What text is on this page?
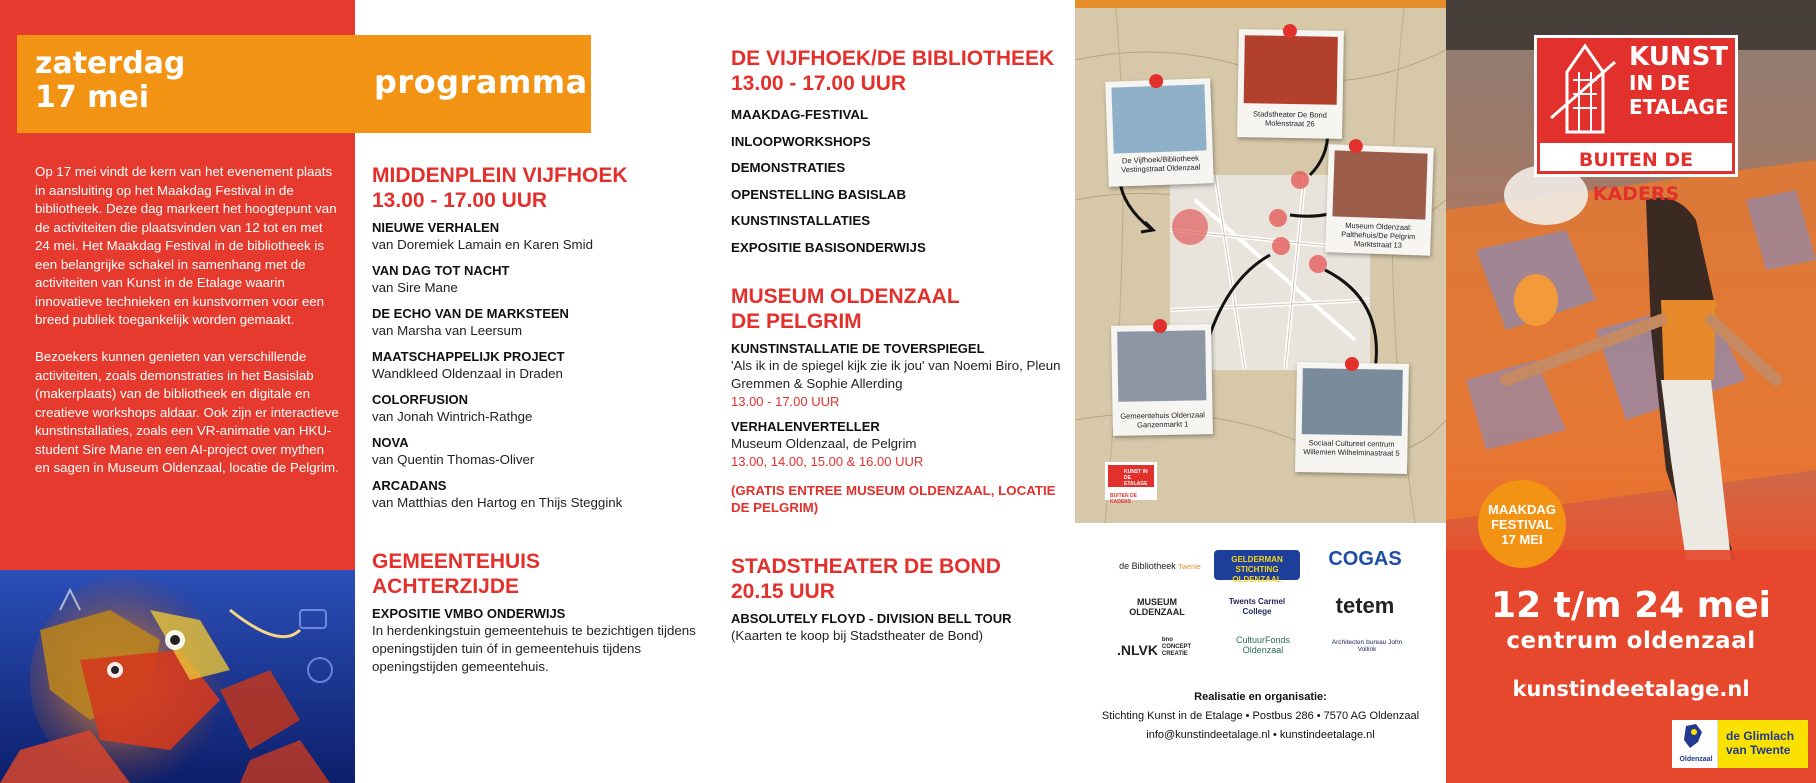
zaterdag
17 mei	programma

Op 17 mei vindt de kern van het evenement plaats in aansluiting op het Maakdag Festival in de bibliotheek. Deze dag markeert het hoogtepunt van de activiteiten die plaatsvinden van 12 tot en met 24 mei. Het Maakdag Festival in de bibliotheek is een belangrijke schakel in samenhang met de activiteiten van Kunst in de Etalage waarin innovatieve technieken en kunstvormen voor een breed publiek toegankelijk worden gemaakt.

Bezoekers kunnen genieten van verschillende activiteiten, zoals demonstraties in het Basislab (makerplaats) van de bibliotheek en digitale en creatieve workshops aldaar. Ook zijn er interactieve kunstinstallaties, zoals een VR-animatie van HKU-student Sire Mane en een AI-project over mythen en sagen in Museum Oldenzaal, locatie de Pelgrim.

MIDDENPLEIN VIJFHOEK
13.00 - 17.00 UUR
NIEUWE VERHALEN
van Doremiek Lamain en Karen Smid
VAN DAG TOT NACHT
van Sire Mane
DE ECHO VAN DE MARKSTEEN
van Marsha van Leersum
MAATSCHAPPELIJK PROJECT
Wandkleed Oldenzaal in Draden
COLORFUSION
van Jonah Wintrich-Rathge
NOVA
van Quentin Thomas-Oliver
ARCADANS
van Matthias den Hartog en Thijs Steggink
GEMEENTEHUIS
ACHTERZIJDE
EXPOSITIE VMBO ONDERWIJS
In herdenkingstuin gemeentehuis te bezichtigen tijdens openingstijden tuin óf in gemeentehuis tijdens openingstijden gemeentehuis.
DE VIJFHOEK/DE BIBLIOTHEEK
13.00 - 17.00 UUR
MAAKDAG-FESTIVAL
INLOOPWORKSHOPS
DEMONSTRATIES
OPENSTELLING BASISLAB
KUNSTINSTALLATIES
EXPOSITIE BASISONDERWIJS
MUSEUM OLDENZAAL
DE PELGRIM
KUNSTINSTALLATIE DE TOVERSPIEGEL
'Als ik in de spiegel kijk zie ik jou' van Noemi Biro, Pleun Gremmen & Sophie Allerding
13.00 - 17.00 UUR
VERHALENVERTELLER
Museum Oldenzaal, de Pelgrim
13.00, 14.00, 15.00 & 16.00 UUR
(GRATIS ENTREE MUSEUM OLDENZAAL, LOCATIE DE PELGRIM)
STADSTHEATER DE BOND
20.15 UUR
ABSOLUTELY FLOYD - DIVISION BELL TOUR
(Kaarten te koop bij Stadstheater de Bond)
De Vijfhoek/Bibliotheek Vestingstraat Oldenzaal
Stadstheater De Bond Molenstraat 26
Museum Oldenzaal: Palthehuis/De Pelgrim Marktstraat 13
Gemeentehuis Oldenzaal Ganzenmarkt 1
Sociaal Cultureel centrum Willemien Wilhelminastraat 5
KUNST IN DE ETALAGE
BUITEN DE KADERS
de Bibliotheek Twente
GELDERMAN STICHTING OLDENZAAL
COGAS
MUSEUM OLDENZAAL
Twents Carmel College	tetem
.NLVK bno CONCEPT CREATIE
CultuurFonds Oldenzaal
Architecten bureau John Vollink
Realisatie en organisatie:
Stichting Kunst in de Etalage • Postbus 286 • 7570 AG Oldenzaal
info@kunstindeetalage.nl • kunstindeetalage.nl
KUNST
IN DE
ETALAGE
BUITEN DE KADERS
MAAKDAG
FESTIVAL
17 MEI
12 t/m 24 mei
centrum oldenzaal
kunstindeetalage.nl
Oldenzaal
de Glimlach
van Twente
